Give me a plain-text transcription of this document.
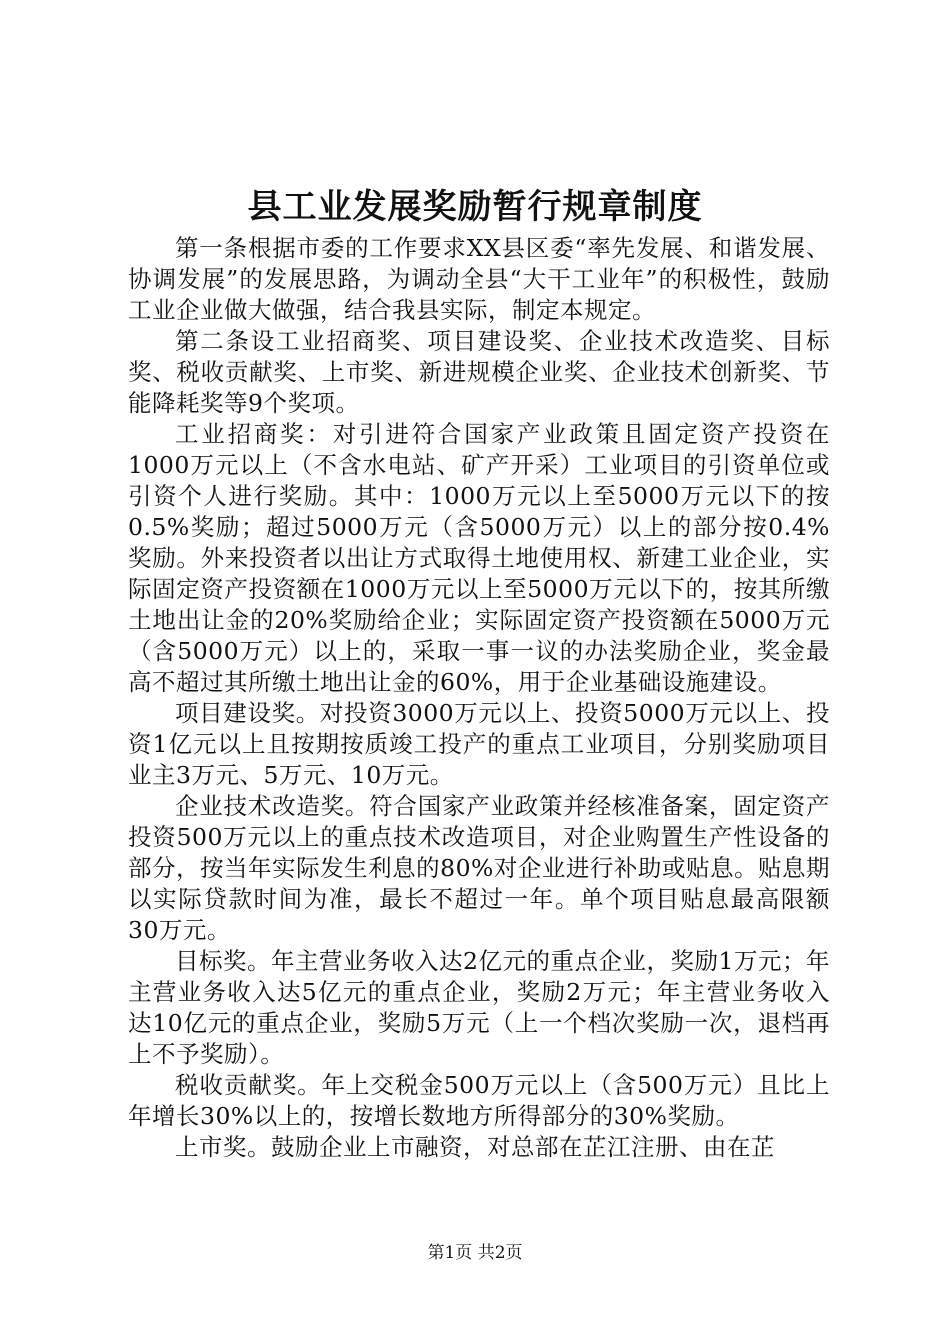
县工业发展奖励暂行规章制度

第一条根据市委的工作要求XX县区委“率先发展、和谐发展、协调发展”的发展思路，为调动全县“大干工业年”的积极性，鼓励工业企业做大做强，结合我县实际，制定本规定。

第二条设工业招商奖、项目建设奖、企业技术改造奖、目标奖、税收贡献奖、上市奖、新进规模企业奖、企业技术创新奖、节能降耗奖等9个奖项。

工业招商奖：对引进符合国家产业政策且固定资产投资在1000万元以上（不含水电站、矿产开采）工业项目的引资单位或引资个人进行奖励。其中：1000万元以上至5000万元以下的按0.5%奖励；超过5000万元（含5000万元）以上的部分按0.4%奖励。外来投资者以出让方式取得土地使用权、新建工业企业，实际固定资产投资额在1000万元以上至5000万元以下的，按其所缴土地出让金的20%奖励给企业；实际固定资产投资额在5000万元（含5000万元）以上的，采取一事一议的办法奖励企业，奖金最高不超过其所缴土地出让金的60%，用于企业基础设施建设。

项目建设奖。对投资3000万元以上、投资5000万元以上、投资1亿元以上且按期按质竣工投产的重点工业项目，分别奖励项目业主3万元、5万元、10万元。

企业技术改造奖。符合国家产业政策并经核准备案，固定资产投资500万元以上的重点技术改造项目，对企业购置生产性设备的部分，按当年实际发生利息的80%对企业进行补助或贴息。贴息期以实际贷款时间为准，最长不超过一年。单个项目贴息最高限额30万元。

目标奖。年主营业务收入达2亿元的重点企业，奖励1万元；年主营业务收入达5亿元的重点企业，奖励2万元；年主营业务收入达10亿元的重点企业，奖励5万元（上一个档次奖励一次，退档再上不予奖励）。

税收贡献奖。年上交税金500万元以上（含500万元）且比上年增长30%以上的，按增长数地方所得部分的30%奖励。

上市奖。鼓励企业上市融资，对总部在芷江注册、由在芷

第1页 共2页
